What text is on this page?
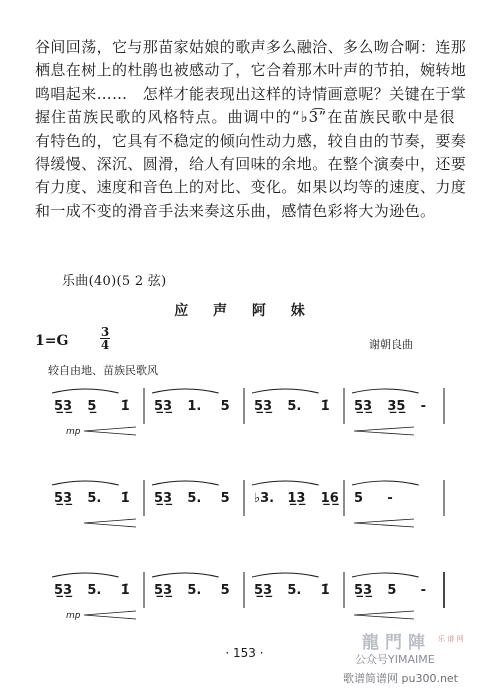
谷间回荡，它与那苗家姑娘的歌声多么融洽、多么吻合啊：连那
栖息在树上的杜鹃也被感动了，它合着那木叶声的节拍，婉转地
鸣唱起来……　怎样才能表现出这样的诗情画意呢？关键在于掌
握住苗族民歌的风格特点。曲调中的“♭3͡”在苗族民歌中是很
有特色的，它具有不稳定的倾向性动力感，较自由的节奏，要奏
得缓慢、深沉、圆滑，给人有回味的余地。在整个演奏中，还要
有力度、速度和音色上的对比、变化。如果以均等的速度、力度
和一成不变的滑音手法来奏这乐曲，感情色彩将大为逊色。
乐曲(40)(5 2 弦)
应 声 阿 妹
1=G
3
4	谢朝良曲
较自由地、苗族民歌风
5̲3̲ 5̲ 1̇ 5̲3̲ 1. 5 5̲3̲ 5. 1̇ 5̲3̲ 3̲5̲ -
mp
5̲3̲ 5. 1̇ 5̲3̲ 5. 5 ♭3. 1̲3̲ 1̲6̲ 5 -
5̲3̲ 5. 1̇ 5̲3̲ 5. 5 5̲3̲ 5. 1̇ 5̲3̲ 5 -
mp
龍門陣 乐 谱 网
· 153 ·	公众号YIMAIME
歌谱简谱网 pu300.net
